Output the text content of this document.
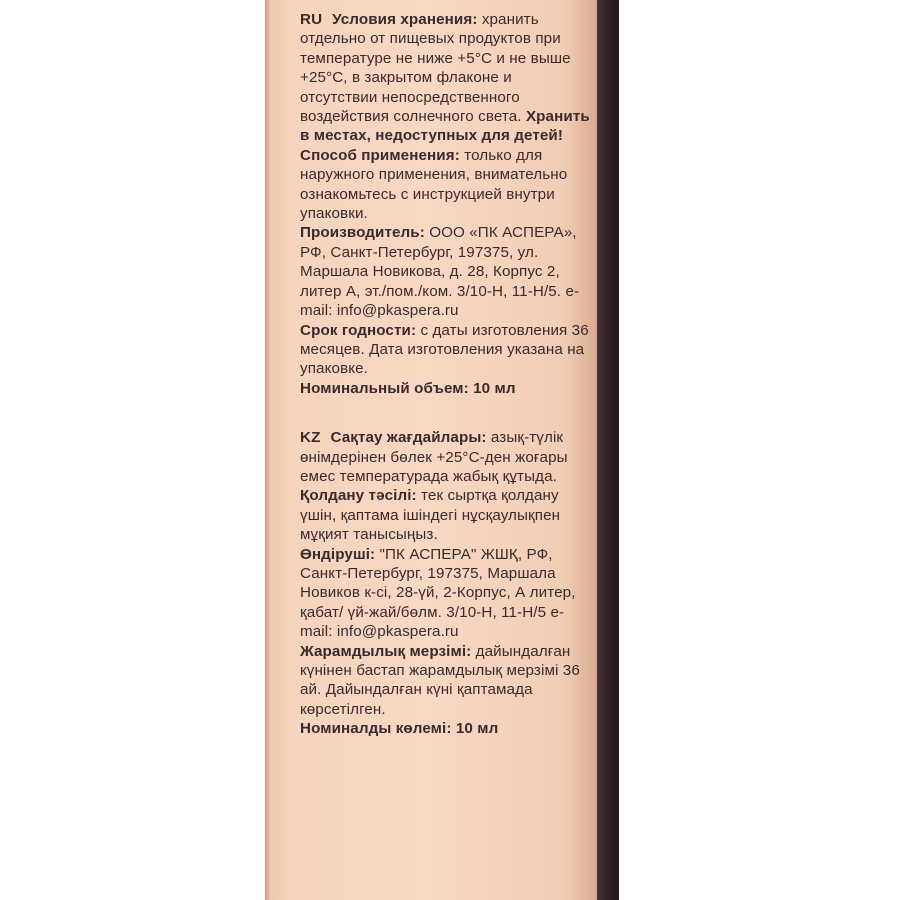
RU Условия хранения: хранить отдельно от пищевых продуктов при температуре не ниже +5°С и не выше +25°С, в закрытом флаконе и отсутствии непосредственного воздействия солнечного света. Хранить в местах, недоступных для детей!

Способ применения: только для наружного применения, внимательно ознакомьтесь с инструкцией внутри упаковки.

Производитель: ООО «ПК АСПЕРА», РФ, Санкт-Петербург, 197375, ул. Маршала Новикова, д. 28, Корпус 2, литер А, эт./пом./ком. 3/10-Н, 11-Н/5. e-mail: info@pkaspera.ru

Срок годности: с даты изготовления 36 месяцев. Дата изготовления указана на упаковке.

Номинальный объем: 10 мл

KZ Сақтау жағдайлары: азық-түлік өнімдерінен бөлек +25°С-ден жоғары емес температурада жабық құтыда.

Қолдану тәсілі: тек сыртқа қолдану үшін, қаптама ішіндегі нұсқаулықпен мұқият танысыңыз.

Өндіруші: "ПК АСПЕРА" ЖШҚ, РФ, Санкт-Петербург, 197375, Маршала Новиков к-сі, 28-үй, 2-Корпус, А литер, қабат/ үй-жай/бөлм. 3/10-Н, 11-Н/5 e-mail: info@pkaspera.ru

Жарамдылық мерзімі: дайындалған күнінен бастап жарамдылық мерзімі 36 ай. Дайындалған күні қаптамада көрсетілген.

Номиналды көлемі: 10 мл
